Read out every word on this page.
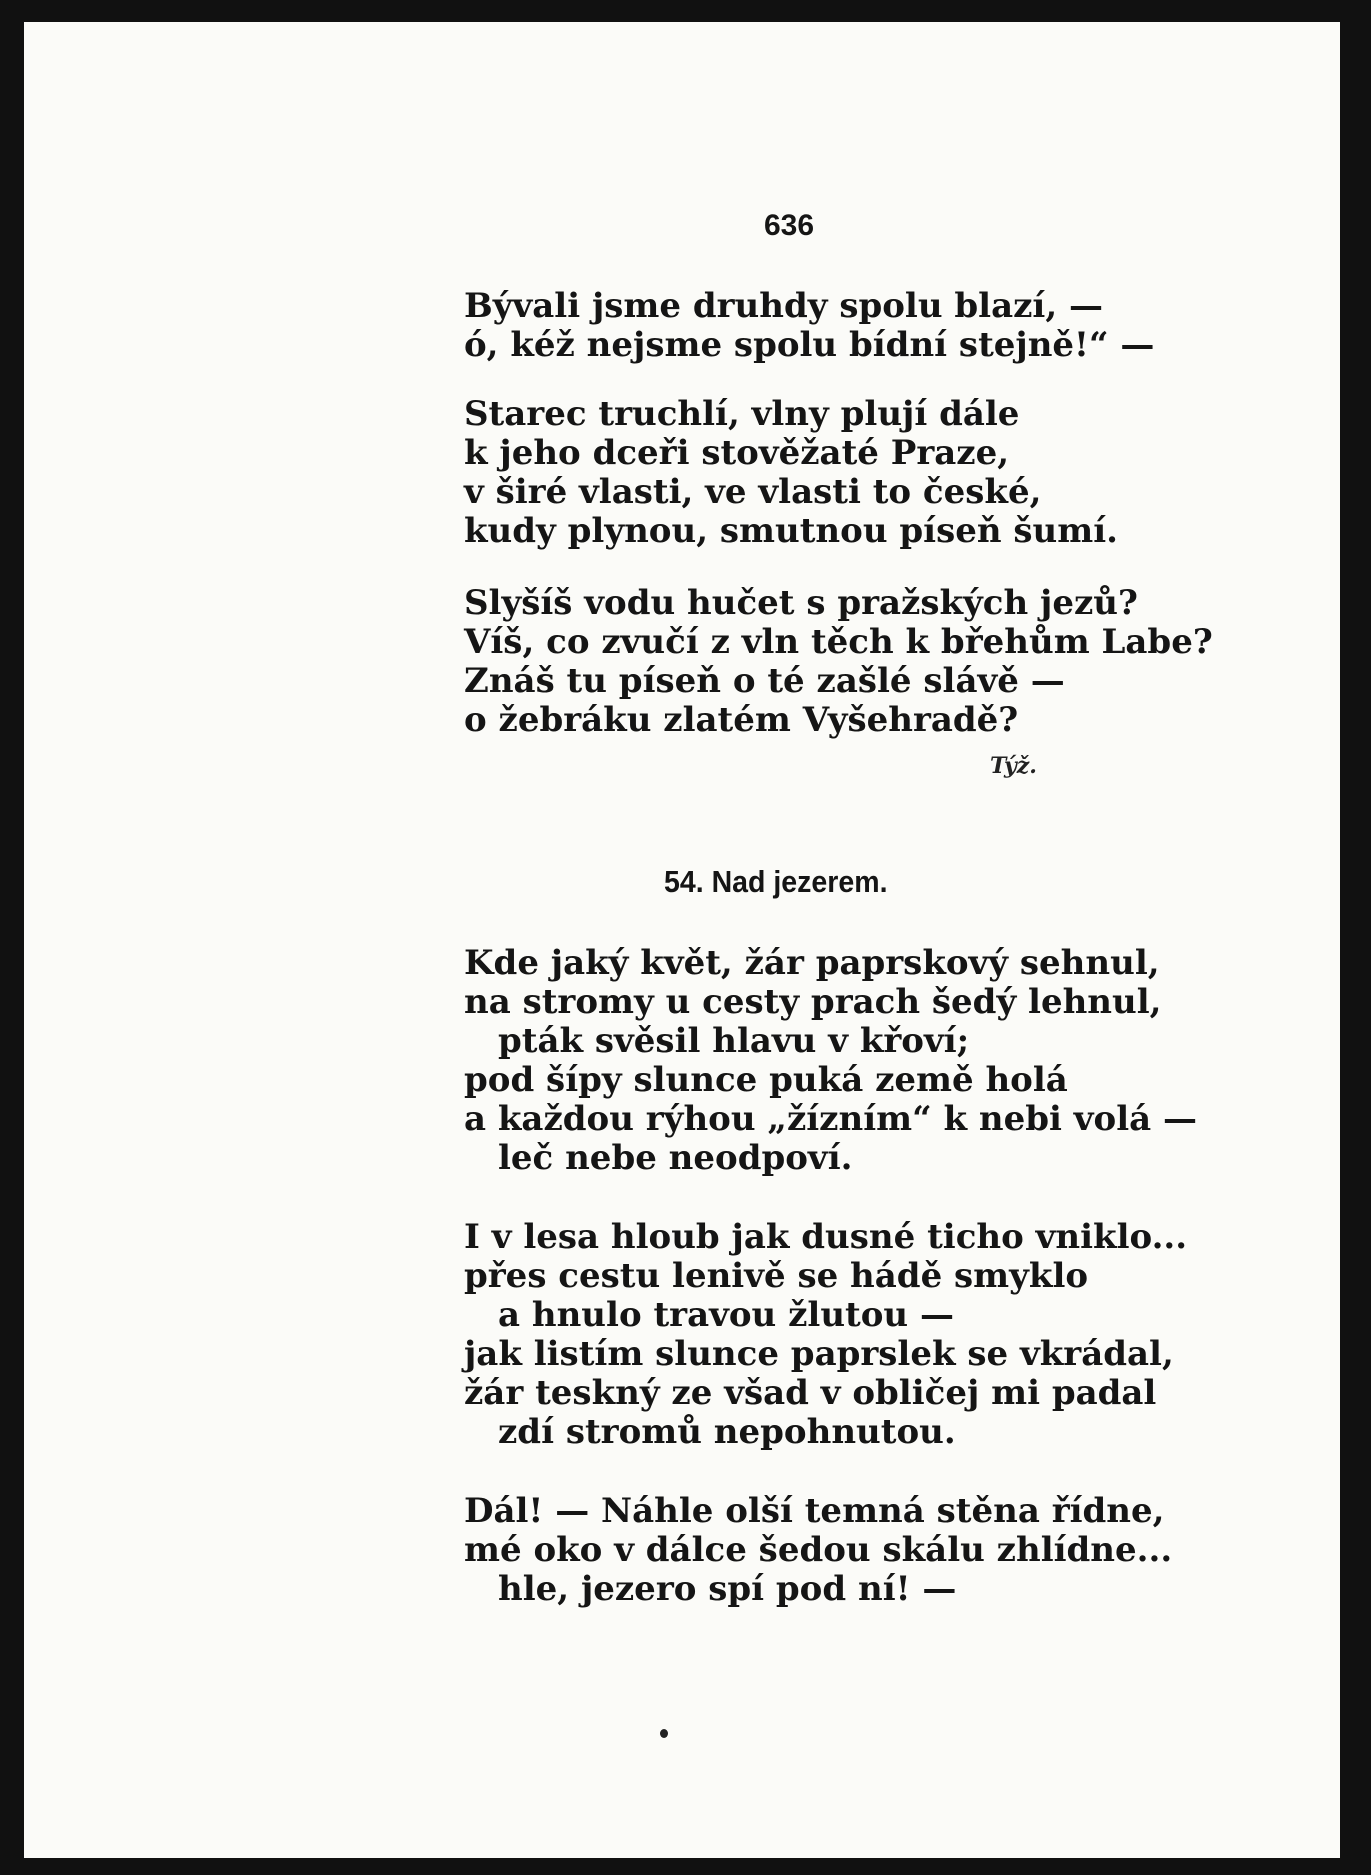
636
Bývali jsme druhdy spolu blazí, —
ó, kéž nejsme spolu bídní stejně!“ —
Starec truchlí, vlny plují dále
k jeho dceři stověžaté Praze,
v širé vlasti, ve vlasti to české,
kudy plynou, smutnou píseň šumí.
Slyšíš vodu hučet s pražských jezů?
Víš, co zvučí z vln těch k břehům Labe?
Znáš tu píseň o té zašlé slávě —
o žebráku zlatém Vyšehradě?
Týž.
54. Nad jezerem.
Kde jaký květ, žár paprskový sehnul,
na stromy u cesty prach šedý lehnul,
pták svěsil hlavu v křoví;
pod šípy slunce puká země holá
a každou rýhou „žízním“ k nebi volá —
leč nebe neodpoví.
I v lesa hloub jak dusné ticho vniklo...
přes cestu lenivě se hádě smyklo
a hnulo travou žlutou —
jak listím slunce paprslek se vkrádal,
žár teskný ze všad v obličej mi padal
zdí stromů nepohnutou.
Dál! — Náhle olší temná stěna řídne,
mé oko v dálce šedou skálu zhlídne...
hle, jezero spí pod ní! —
